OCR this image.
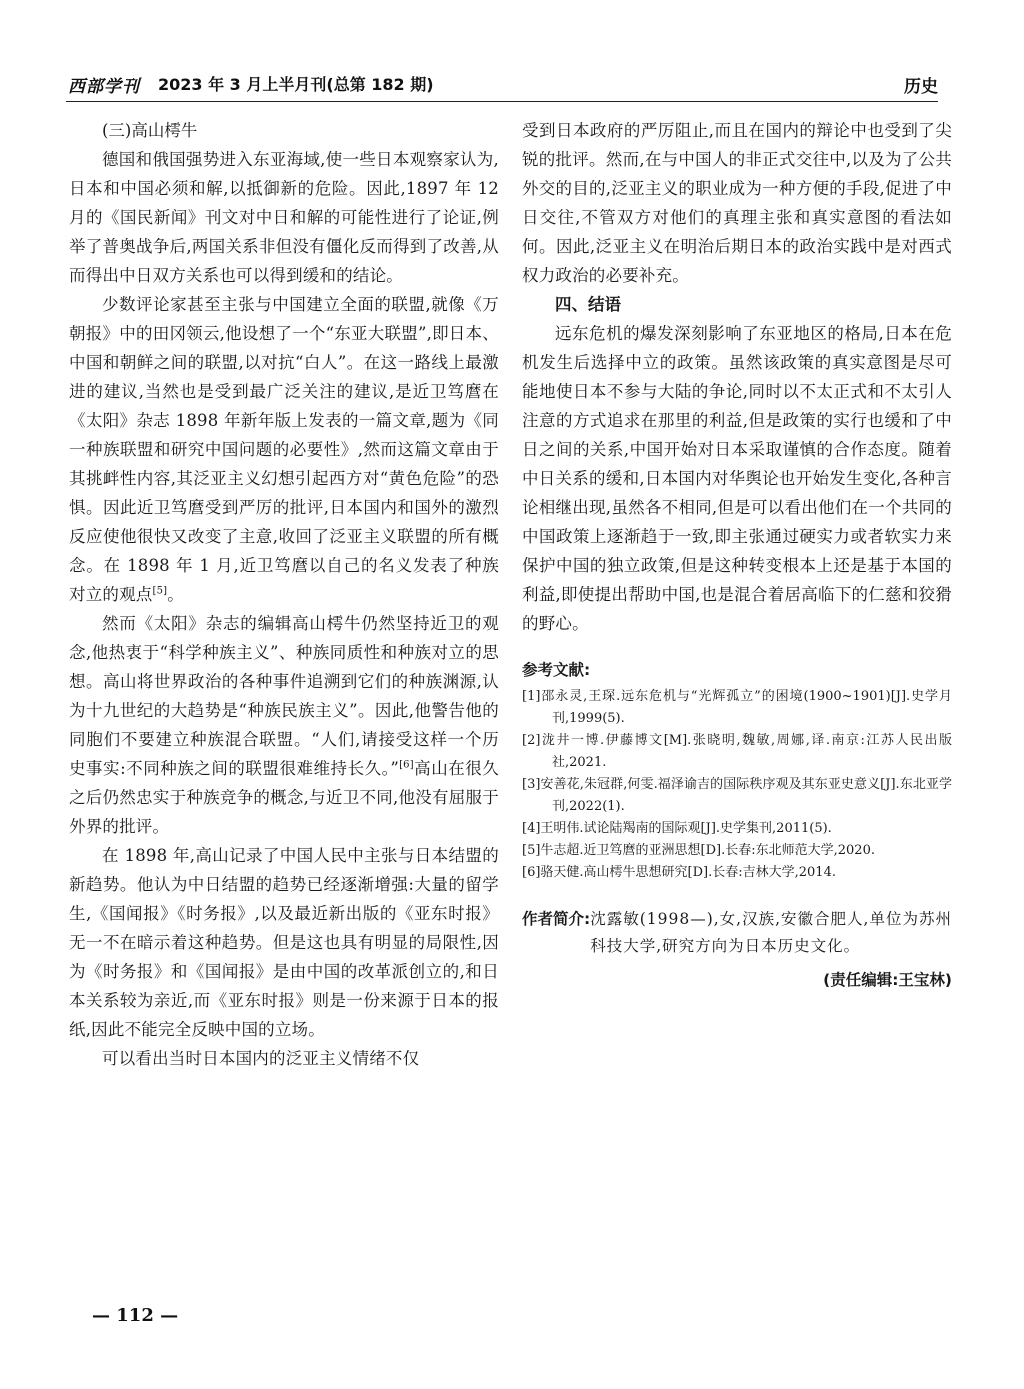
西部学刊 2023 年 3 月上半月刊(总第 182 期)	历史

(三)高山樗牛

德国和俄国强势进入东亚海域,使一些日本观察家认为,日本和中国必须和解,以抵御新的危险。因此,1897 年 12 月的《国民新闻》刊文对中日和解的可能性进行了论证,例举了普奥战争后,两国关系非但没有僵化反而得到了改善,从而得出中日双方关系也可以得到缓和的结论。

少数评论家甚至主张与中国建立全面的联盟,就像《万朝报》中的田冈领云,他设想了一个“东亚大联盟”,即日本、中国和朝鲜之间的联盟,以对抗“白人”。在这一路线上最激进的建议,当然也是受到最广泛关注的建议,是近卫笃麿在《太阳》杂志 1898 年新年版上发表的一篇文章,题为《同一种族联盟和研究中国问题的必要性》,然而这篇文章由于其挑衅性内容,其泛亚主义幻想引起西方对“黄色危险”的恐惧。因此近卫笃麿受到严厉的批评,日本国内和国外的激烈反应使他很快又改变了主意,收回了泛亚主义联盟的所有概念。在 1898 年 1 月,近卫笃麿以自己的名义发表了种族对立的观点[5]。

然而《太阳》杂志的编辑高山樗牛仍然坚持近卫的观念,他热衷于“科学种族主义”、种族同质性和种族对立的思想。高山将世界政治的各种事件追溯到它们的种族渊源,认为十九世纪的大趋势是“种族民族主义”。因此,他警告他的同胞们不要建立种族混合联盟。“人们,请接受这样一个历史事实:不同种族之间的联盟很难维持长久。”[6]高山在很久之后仍然忠实于种族竞争的概念,与近卫不同,他没有屈服于外界的批评。

在 1898 年,高山记录了中国人民中主张与日本结盟的新趋势。他认为中日结盟的趋势已经逐渐增强:大量的留学生,《国闻报》《时务报》,以及最近新出版的《亚东时报》无一不在暗示着这种趋势。但是这也具有明显的局限性,因为《时务报》和《国闻报》是由中国的改革派创立的,和日本关系较为亲近,而《亚东时报》则是一份来源于日本的报纸,因此不能完全反映中国的立场。

可以看出当时日本国内的泛亚主义情绪不仅

受到日本政府的严厉阻止,而且在国内的辩论中也受到了尖锐的批评。然而,在与中国人的非正式交往中,以及为了公共外交的目的,泛亚主义的职业成为一种方便的手段,促进了中日交往,不管双方对他们的真理主张和真实意图的看法如何。因此,泛亚主义在明治后期日本的政治实践中是对西式权力政治的必要补充。

四、结语

远东危机的爆发深刻影响了东亚地区的格局,日本在危机发生后选择中立的政策。虽然该政策的真实意图是尽可能地使日本不参与大陆的争论,同时以不太正式和不太引人注意的方式追求在那里的利益,但是政策的实行也缓和了中日之间的关系,中国开始对日本采取谨慎的合作态度。随着中日关系的缓和,日本国内对华舆论也开始发生变化,各种言论相继出现,虽然各不相同,但是可以看出他们在一个共同的中国政策上逐渐趋于一致,即主张通过硬实力或者软实力来保护中国的独立政策,但是这种转变根本上还是基于本国的利益,即使提出帮助中国,也是混合着居高临下的仁慈和狡猾的野心。

参考文献:

[1]邵永灵,王琛.远东危机与“光辉孤立”的困境(1900~1901)[J].史学月刊,1999(5).

[2]泷井一博.伊藤博文[M].张晓明,魏敏,周娜,译.南京:江苏人民出版社,2021.

[3]安善花,朱冠群,何雯.福泽谕吉的国际秩序观及其东亚史意义[J].东北亚学刊,2022(1).

[4]王明伟.试论陆羯南的国际观[J].史学集刊,2011(5).

[5]牛志超.近卫笃麿的亚洲思想[D].长春:东北师范大学,2020.

[6]骆天健.高山樗牛思想研究[D].长春:吉林大学,2014.

作者简介: 沈露敏(1998—),女,汉族,安徽合肥人,单位为苏州科技大学,研究方向为日本历史文化。
(责任编辑:王宝林)
— 112 —
